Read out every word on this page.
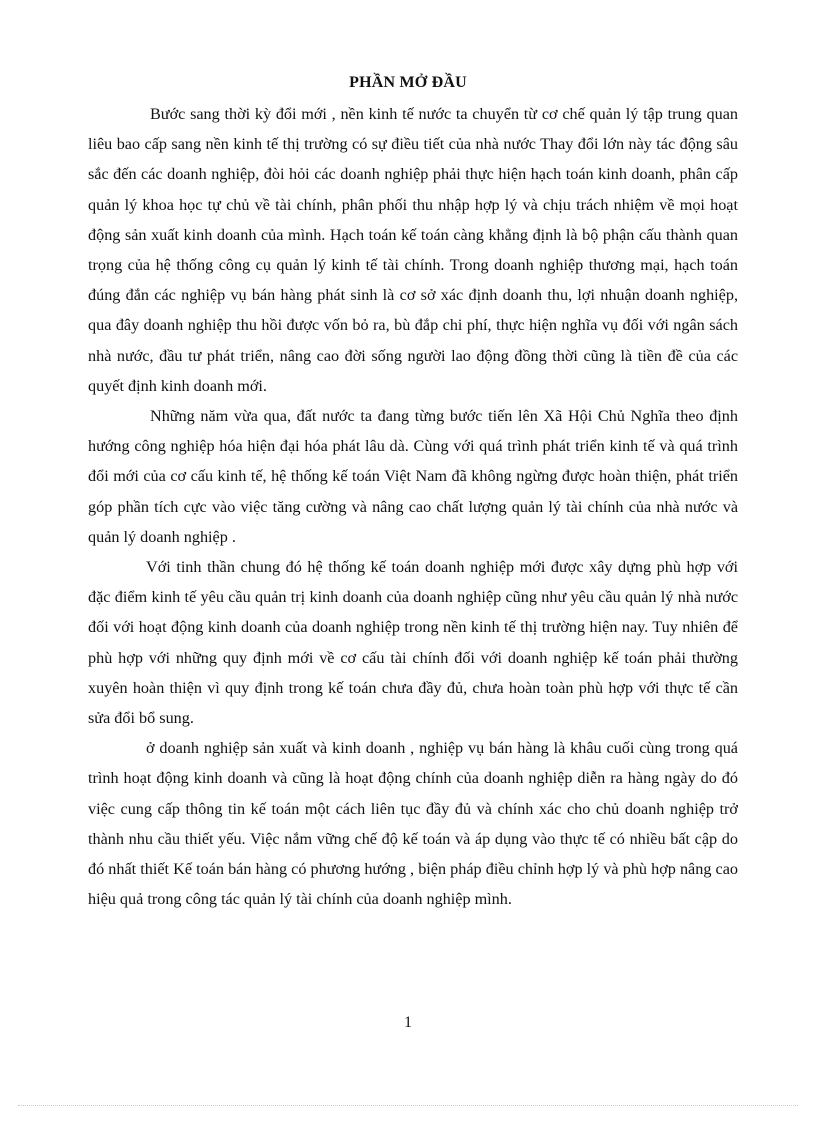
PHẦN MỞ ĐẦU

Bước sang thời kỳ đổi mới , nền kinh tế nước ta chuyển từ cơ chế quản lý tập trung quan liêu bao cấp sang nền kinh tế thị trường có sự điều tiết của nhà nước Thay đổi lớn này tác động sâu sắc đến các doanh nghiệp, đòi hỏi các doanh nghiệp phải thực hiện hạch toán kinh doanh, phân cấp quản lý khoa học tự chủ về tài chính, phân phối thu nhập hợp lý và chịu trách nhiệm về mọi hoạt động sản xuất kinh doanh của mình. Hạch toán kế toán càng khẳng định là bộ phận cấu thành quan trọng của hệ thống công cụ quản lý kinh tế tài chính. Trong doanh nghiệp thương mại, hạch toán đúng đắn các nghiệp vụ bán hàng phát sinh là cơ sở xác định doanh thu, lợi nhuận doanh nghiệp, qua đây doanh nghiệp thu hồi được vốn bỏ ra, bù đắp chi phí, thực hiện nghĩa vụ đối với ngân sách nhà nước, đầu tư phát triển, nâng cao đời sống người lao động đồng thời cũng là tiền đề của các quyết định kinh doanh mới.

Những năm vừa qua, đất nước ta đang từng bước tiến lên Xã Hội Chủ Nghĩa theo định hướng công nghiệp hóa hiện đại hóa phát lâu dà. Cùng với quá trình phát triển kinh tế và quá trình đổi mới của cơ cấu kinh tế, hệ thống kế toán Việt Nam đã không ngừng được hoàn thiện, phát triển góp phần tích cực vào việc tăng cường và nâng cao chất lượng quản lý tài chính của nhà nước và quản lý doanh nghiệp .

Với tinh thần chung đó hệ thống kế toán doanh nghiệp mới được xây dựng phù hợp với đặc điểm kinh tế yêu cầu quản trị kinh doanh của doanh nghiệp cũng như yêu cầu quản lý nhà nước đối với hoạt động kinh doanh của doanh nghiệp trong nền kinh tế thị trường hiện nay. Tuy nhiên để phù hợp với những quy định mới về cơ cấu tài chính đối với doanh nghiệp kế toán phải thường xuyên hoàn thiện vì quy định trong kế toán chưa đầy đủ, chưa hoàn toàn phù hợp với thực tế cần sửa đổi bổ sung.

ở doanh nghiệp sản xuất và kinh doanh , nghiệp vụ bán hàng là khâu cuối cùng trong quá trình hoạt động kinh doanh và cũng là hoạt động chính của doanh nghiệp diễn ra hàng ngày do đó việc cung cấp thông tin kế toán một cách liên tục đầy đủ và chính xác cho chủ doanh nghiệp trở thành nhu cầu thiết yếu. Việc nắm vững chế độ kế toán và áp dụng vào thực tế có nhiều bất cập do đó nhất thiết Kế toán bán hàng có phương hướng , biện pháp điều chỉnh hợp lý và phù hợp nâng cao hiệu quả trong công tác quản lý tài chính của doanh nghiệp mình.

1
